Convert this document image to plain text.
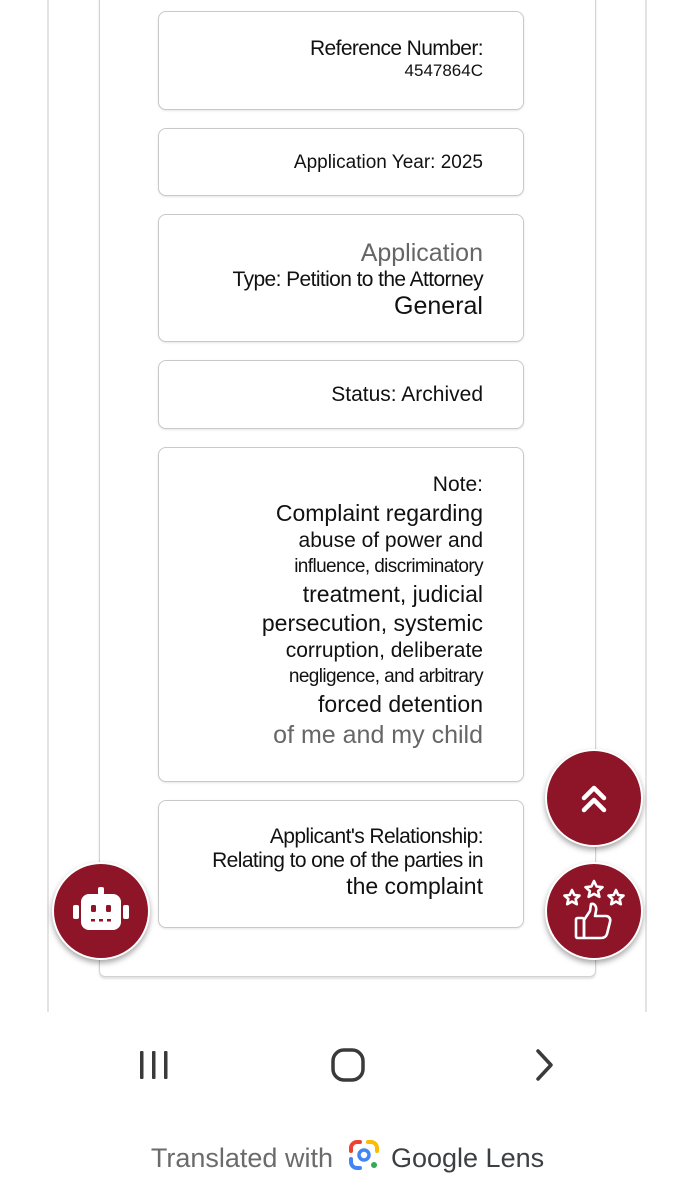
Reference Number:
4547864C
Application Year: 2025
Application
Type: Petition to the Attorney
General
Status: Archived
Note:
Complaint regarding
abuse of power and
influence, discriminatory
treatment, judicial
persecution, systemic
corruption, deliberate
negligence, and arbitrary
forced detention
of me and my child
Applicant's Relationship:
Relating to one of the parties in
the complaint
Translated with Google Lens
